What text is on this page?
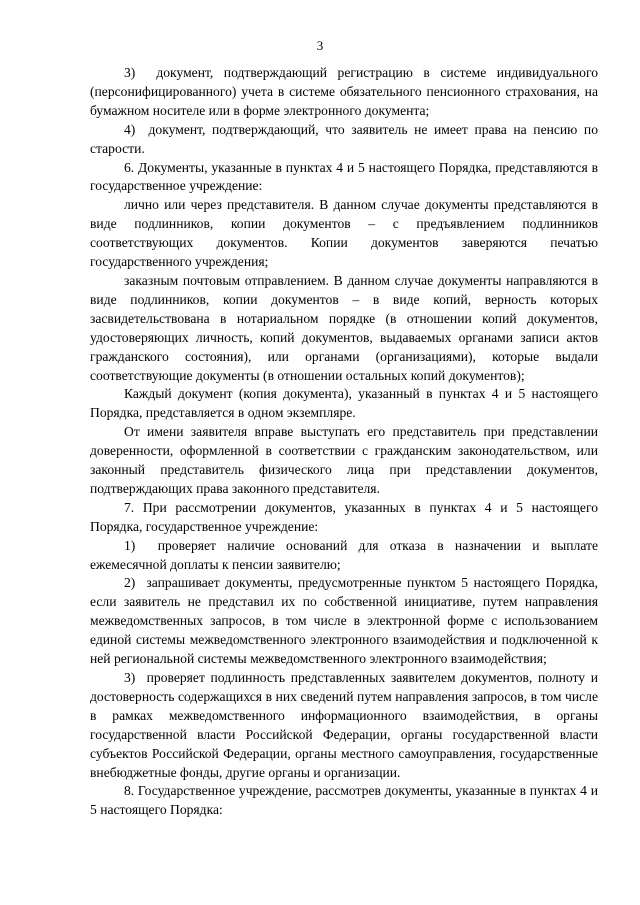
3

3)  документ, подтверждающий регистрацию в системе индивидуального (персонифицированного) учета в системе обязательного пенсионного страхования, на бумажном носителе или в форме электронного документа;

4)  документ, подтверждающий, что заявитель не имеет права на пенсию по старости.

6. Документы, указанные в пунктах 4 и 5 настоящего Порядка, представляются в государственное учреждение:

лично или через представителя. В данном случае документы представляются в виде подлинников, копии документов – с предъявлением подлинников соответствующих документов. Копии документов заверяются печатью государственного учреждения;

заказным почтовым отправлением. В данном случае документы направляются в виде подлинников, копии документов – в виде копий, верность которых засвидетельствована в нотариальном порядке (в отношении копий документов, удостоверяющих личность, копий документов, выдаваемых органами записи актов гражданского состояния), или органами (организациями), которые выдали соответствующие документы (в отношении остальных копий документов);

Каждый документ (копия документа), указанный в пунктах 4 и 5 настоящего Порядка, представляется в одном экземпляре.

От имени заявителя вправе выступать его представитель при представлении доверенности, оформленной в соответствии с гражданским законодательством, или законный представитель физического лица при представлении документов, подтверждающих права законного представителя.

7. При рассмотрении документов, указанных в пунктах 4 и 5 настоящего Порядка, государственное учреждение:

1)  проверяет наличие оснований для отказа в назначении и выплате ежемесячной доплаты к пенсии заявителю;

2)  запрашивает документы, предусмотренные пунктом 5 настоящего Порядка, если заявитель не представил их по собственной инициативе, путем направления межведомственных запросов, в том числе в электронной форме с использованием единой системы межведомственного электронного взаимодействия и подключенной к ней региональной системы межведомственного электронного взаимодействия;

3)  проверяет подлинность представленных заявителем документов, полноту и достоверность содержащихся в них сведений путем направления запросов, в том числе в рамках межведомственного информационного взаимодействия, в органы государственной власти Российской Федерации, органы государственной власти субъектов Российской Федерации, органы местного самоуправления, государственные внебюджетные фонды, другие органы и организации.

8. Государственное учреждение, рассмотрев документы, указанные в пунктах 4 и 5 настоящего Порядка:
